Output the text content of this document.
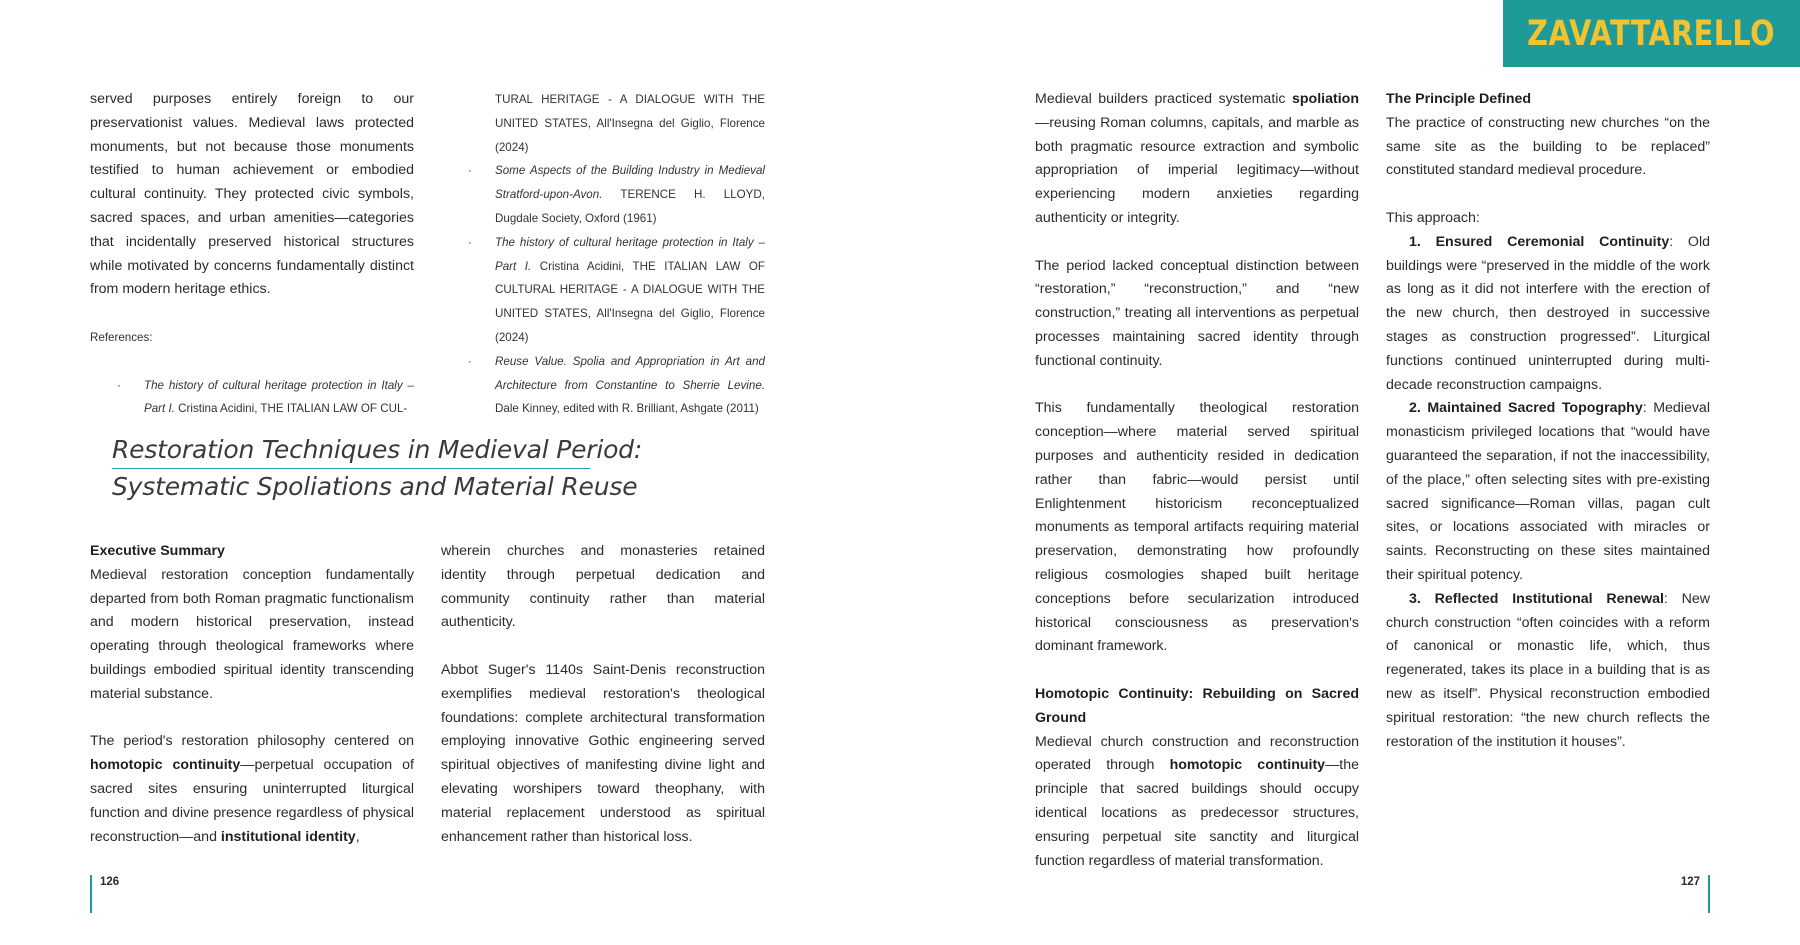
ZAVATTARELLO

served purposes entirely foreign to our preservationist values. Medieval laws protected monuments, but not because those monuments testified to human achievement or embodied cultural continuity. They protected civic symbols, sacred spaces, and urban amenities—categories that incidentally preserved historical structures while motivated by concerns fundamentally distinct from modern heritage ethics.

References:

· The history of cultural heritage protection in Italy – Part I. Cristina Acidini, THE ITALIAN LAW OF CUL-
TURAL HERITAGE - A DIALOGUE WITH THE UNITED STATES, All'Insegna del Giglio, Florence (2024)
· Some Aspects of the Building Industry in Medieval Stratford-upon-Avon. TERENCE H. LLOYD, Dugdale Society, Oxford (1961)
· The history of cultural heritage protection in Italy – Part I. Cristina Acidini, THE ITALIAN LAW OF CULTURAL HERITAGE - A DIALOGUE WITH THE UNITED STATES, All'Insegna del Giglio, Florence (2024)
· Reuse Value. Spolia and Appropriation in Art and Architecture from Constantine to Sherrie Levine. Dale Kinney, edited with R. Brilliant, Ashgate (2011)
Restoration Techniques in Medieval Period:
Systematic Spoliations and Material Reuse
Executive Summary

Medieval restoration conception fundamentally departed from both Roman pragmatic functionalism and modern historical preservation, instead operating through theological frameworks where buildings embodied spiritual identity transcending material substance.

The period's restoration philosophy centered on homotopic continuity—perpetual occupation of sacred sites ensuring uninterrupted liturgical function and divine presence regardless of physical reconstruction—and institutional identity,

wherein churches and monasteries retained identity through perpetual dedication and community continuity rather than material authenticity.

Abbot Suger's 1140s Saint-Denis reconstruction exemplifies medieval restoration's theological foundations: complete architectural transformation employing innovative Gothic engineering served spiritual objectives of manifesting divine light and elevating worshipers toward theophany, with material replacement understood as spiritual enhancement rather than historical loss.

126

Medieval builders practiced systematic spoliation—reusing Roman columns, capitals, and marble as both pragmatic resource extraction and symbolic appropriation of imperial legitimacy—without experiencing modern anxieties regarding authenticity or integrity.

The period lacked conceptual distinction between “restoration,” “reconstruction,” and “new construction,” treating all interventions as perpetual processes maintaining sacred identity through functional continuity.

This fundamentally theological restoration conception—where material served spiritual purposes and authenticity resided in dedication rather than fabric—would persist until Enlightenment historicism reconceptualized monuments as temporal artifacts requiring material preservation, demonstrating how profoundly religious cosmologies shaped built heritage conceptions before secularization introduced historical consciousness as preservation's dominant framework.

Homotopic Continuity: Rebuilding on Sacred Ground

Medieval church construction and reconstruction operated through homotopic continuity—the principle that sacred buildings should occupy identical locations as predecessor structures, ensuring perpetual site sanctity and liturgical function regardless of material transformation.

The Principle Defined

The practice of constructing new churches “on the same site as the building to be replaced” constituted standard medieval procedure.

This approach:
1. Ensured Ceremonial Continuity: Old buildings were “preserved in the middle of the work as long as it did not interfere with the erection of the new church, then destroyed in successive stages as construction progressed”. Liturgical functions continued uninterrupted during multi-decade reconstruction campaigns.
2. Maintained Sacred Topography: Medieval monasticism privileged locations that “would have guaranteed the separation, if not the inaccessibility, of the place,” often selecting sites with pre-existing sacred significance—Roman villas, pagan cult sites, or locations associated with miracles or saints. Reconstructing on these sites maintained their spiritual potency.
3. Reflected Institutional Renewal: New church construction “often coincides with a reform of canonical or monastic life, which, thus regenerated, takes its place in a building that is as new as itself”. Physical reconstruction embodied spiritual restoration: “the new church reflects the restoration of the institution it houses”.
127
